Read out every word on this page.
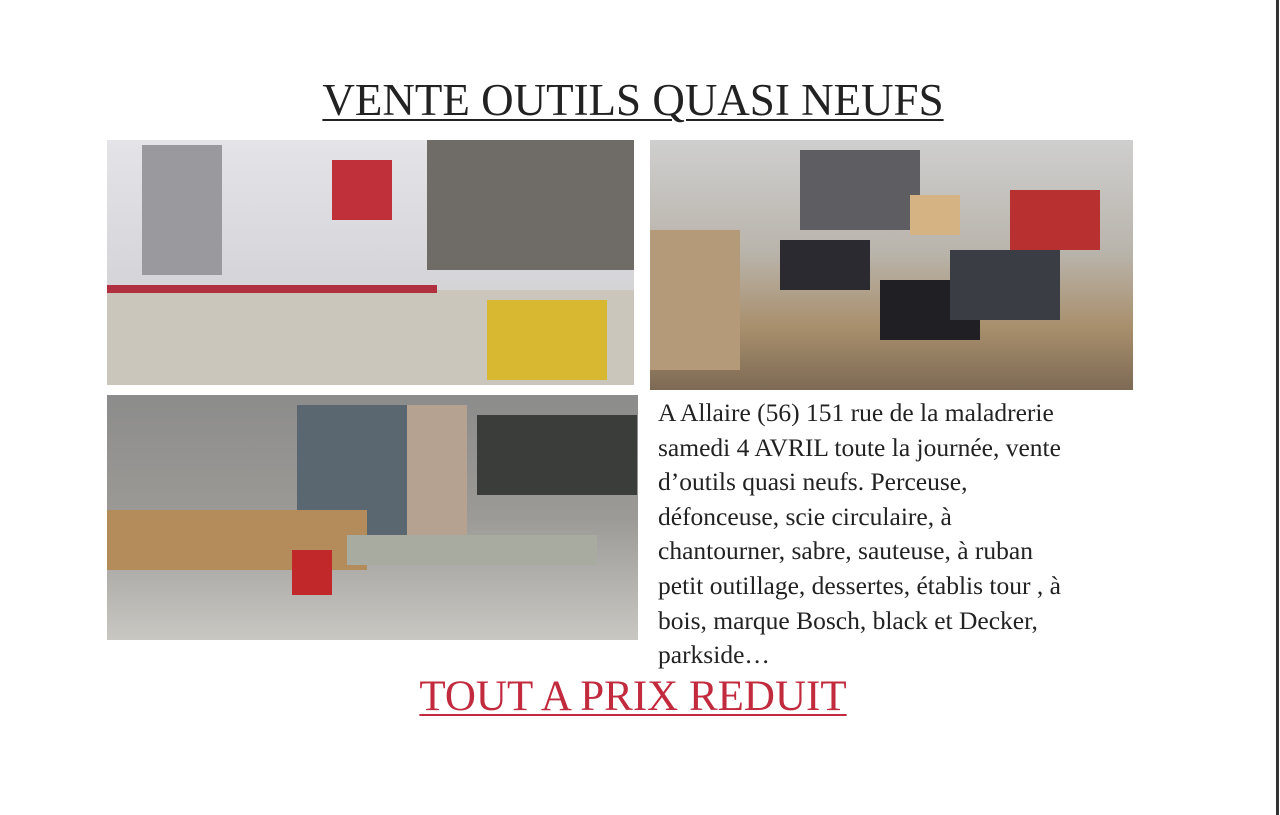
VENTE OUTILS QUASI NEUFS
A Allaire (56) 151 rue de la maladrerie
samedi 4 AVRIL toute la journée, vente
d’outils quasi neufs. Perceuse,
défonceuse, scie circulaire, à
chantourner, sabre, sauteuse, à ruban
petit outillage, dessertes, établis tour , à
bois, marque Bosch, black et Decker,
parkside…
TOUT A PRIX REDUIT
